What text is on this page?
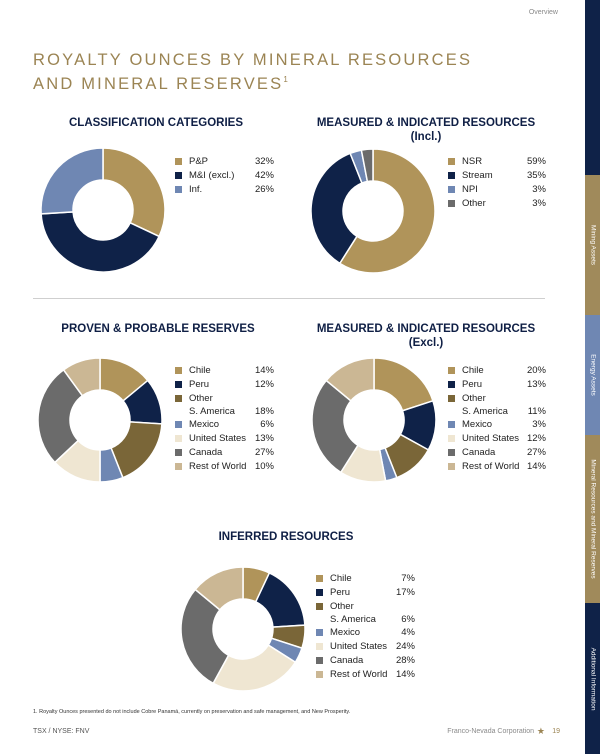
Overview
ROYALTY OUNCES BY MINERAL RESOURCES
AND MINERAL RESERVES$^1$
CLASSIFICATION CATEGORIES
P&P	32%
M&I (excl.) 42%
Inf.	26%
MEASURED & INDICATED RESOURCES
(Incl.)
NSR	59%
Stream	35%
NPI	3%
Other	3%
PROVEN & PROBABLE RESERVES
Chile	14%
Peru	12%
Other
S. America 18%
Mexico	6%
United States 13%
Canada	27%
Rest of World 10%
MEASURED & INDICATED RESOURCES
(Excl.)
Chile	20%
Peru	13%
Other
S. America 11%
Mexico	3%
United States 12%
Canada	27%
Rest of World 14%
INFERRED RESOURCES
Chile	7%
Peru	17%
Other
S. America	6%
Mexico	4%
United States 24%
Canada	28%
Rest of World 14%
1. Royalty Ounces presented do not include Cobre Panamá, currently on preservation and safe management, and New Prosperity.
TSX / NYSE: FNV	Franco-Nevada Corporation ★ 19
Mining Assets
Energy Assets
Mineral Resources and Mineral Reserves
Additional Information
